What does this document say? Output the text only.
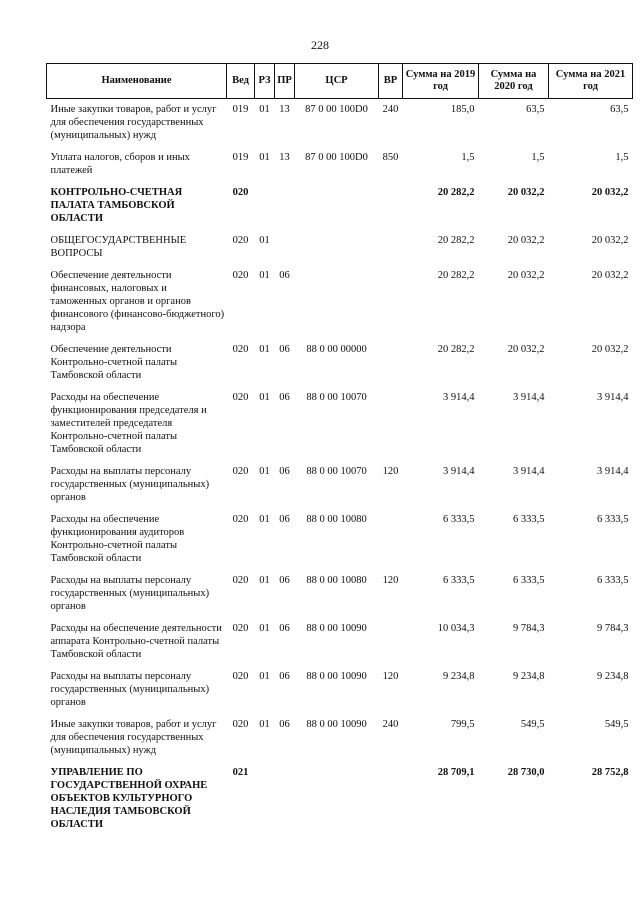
228
Наименование	Вед	РЗ	ПР	ЦСР	ВР	Сумма на 2019 год	Сумма на 2020 год	Сумма на 2021 год
Иные закупки товаров, работ и услуг для обеспечения государственных (муниципальных) нужд	019	01	13	87 0 00 100D0	240	185,0	63,5	63,5
Уплата налогов, сборов и иных платежей	019	01	13	87 0 00 100D0	850	1,5	1,5	1,5
КОНТРОЛЬНО-СЧЕТНАЯ ПАЛАТА ТАМБОВСКОЙ ОБЛАСТИ	020					20 282,2	20 032,2	20 032,2
ОБЩЕГОСУДАРСТВЕННЫЕ ВОПРОСЫ	020	01				20 282,2	20 032,2	20 032,2
Обеспечение деятельности финансовых, налоговых и таможенных органов и органов финансового (финансово-бюджетного) надзора	020	01	06			20 282,2	20 032,2	20 032,2
Обеспечение деятельности Контрольно-счетной палаты Тамбовской области	020	01	06	88 0 00 00000		20 282,2	20 032,2	20 032,2
Расходы на обеспечение функционирования председателя и заместителей председателя Контрольно-счетной палаты Тамбовской области	020	01	06	88 0 00 10070		3 914,4	3 914,4	3 914,4
Расходы на выплаты персоналу государственных (муниципальных) органов	020	01	06	88 0 00 10070	120	3 914,4	3 914,4	3 914,4
Расходы на обеспечение функционирования аудиторов Контрольно-счетной палаты Тамбовской области	020	01	06	88 0 00 10080		6 333,5	6 333,5	6 333,5
Расходы на выплаты персоналу государственных (муниципальных) органов	020	01	06	88 0 00 10080	120	6 333,5	6 333,5	6 333,5
Расходы на обеспечение деятельности аппарата Контрольно-счетной палаты Тамбовской области	020	01	06	88 0 00 10090		10 034,3	9 784,3	9 784,3
Расходы на выплаты персоналу государственных (муниципальных) органов	020	01	06	88 0 00 10090	120	9 234,8	9 234,8	9 234,8
Иные закупки товаров, работ и услуг для обеспечения государственных (муниципальных) нужд	020	01	06	88 0 00 10090	240	799,5	549,5	549,5
УПРАВЛЕНИЕ ПО ГОСУДАРСТВЕННОЙ ОХРАНЕ ОБЪЕКТОВ КУЛЬТУРНОГО НАСЛЕДИЯ ТАМБОВСКОЙ ОБЛАСТИ	021					28 709,1	28 730,0	28 752,8
